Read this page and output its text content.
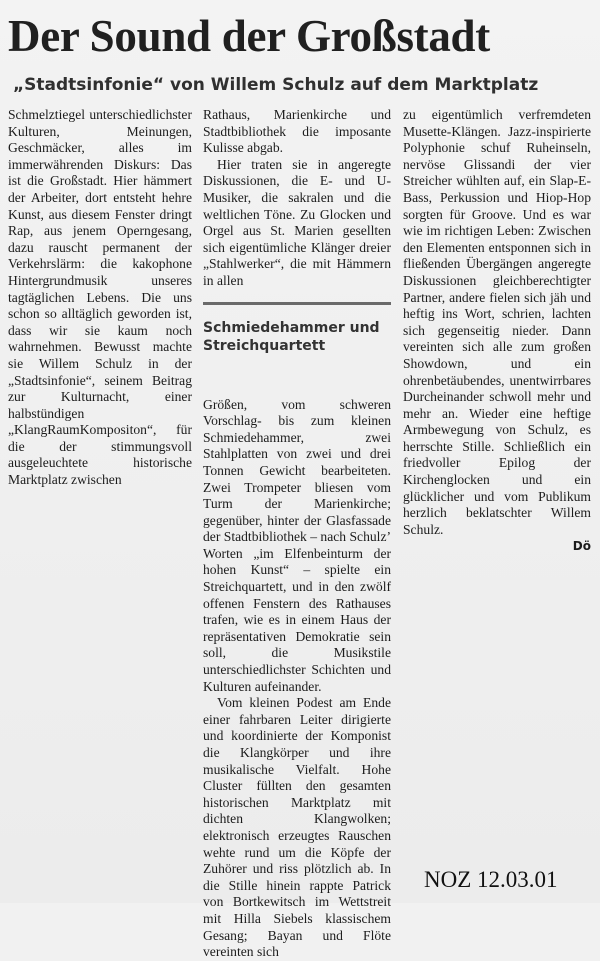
Der Sound der Großstadt
„Stadtsinfonie“ von Willem Schulz auf dem Marktplatz

Schmelztiegel unterschiedlichster Kulturen, Meinungen, Geschmäcker, alles im immerwährenden Diskurs: Das ist die Großstadt. Hier hämmert der Arbeiter, dort entsteht hehre Kunst, aus diesem Fenster dringt Rap, aus jenem Operngesang, dazu rauscht permanent der Verkehrslärm: die kakophone Hintergrundmusik unseres tagtäglichen Lebens. Die uns schon so alltäglich geworden ist, dass wir sie kaum noch wahrnehmen. Bewusst machte sie Willem Schulz in der „Stadtsinfonie“, seinem Beitrag zur Kulturnacht, einer halbstündigen „KlangRaumKompositon“, für die der stimmungsvoll ausgeleuchtete historische Marktplatz zwischen

Rathaus, Marienkirche und Stadtbibliothek die imposante Kulisse abgab.

Hier traten sie in angeregte Diskussionen, die E- und U-Musiker, die sakralen und die weltlichen Töne. Zu Glocken und Orgel aus St. Marien gesellten sich eigentümliche Klänger dreier „Stahlwerker“, die mit Hämmern in allen

Schmiedehammer und Streichquartett

Größen, vom schweren Vorschlag- bis zum kleinen Schmiedehammer, zwei Stahlplatten von zwei und drei Tonnen Gewicht bearbeiteten. Zwei Trompeter bliesen vom Turm der Marienkirche; gegenüber, hinter der Glasfassade der Stadtbibliothek – nach Schulz’ Worten „im Elfenbeinturm der hohen Kunst“ – spielte ein Streichquartett, und in den zwölf offenen Fenstern des Rathauses trafen, wie es in einem Haus der repräsentativen Demokratie sein soll, die Musikstile unterschiedlichster Schichten und Kulturen aufeinander.

Vom kleinen Podest am Ende einer fahrbaren Leiter dirigierte und koordinierte der Komponist die Klangkörper und ihre musikalische Vielfalt. Hohe Cluster füllten den gesamten historischen Marktplatz mit dichten Klangwolken; elektronisch erzeugtes Rauschen wehte rund um die Köpfe der Zuhörer und riss plötzlich ab. In die Stille hinein rappte Patrick von Bortkewitsch im Wettstreit mit Hilla Siebels klassischem Gesang; Bayan und Flöte vereinten sich

zu eigentümlich verfremdeten Musette-Klängen. Jazz-inspirierte Polyphonie schuf Ruheinseln, nervöse Glissandi der vier Streicher wühlten auf, ein Slap-E-Bass, Perkussion und Hiop-Hop sorgten für Groove. Und es war wie im richtigen Leben: Zwischen den Elementen entsponnen sich in fließenden Übergängen angeregte Diskussionen gleichberechtigter Partner, andere fielen sich jäh und heftig ins Wort, schrien, lachten sich gegenseitig nieder. Dann vereinten sich alle zum großen Showdown, und ein ohrenbetäubendes, unentwirrbares Durcheinander schwoll mehr und mehr an. Wieder eine heftige Armbewegung von Schulz, es herrschte Stille. Schließlich ein friedvoller Epilog der Kirchenglocken und ein glücklicher und vom Publikum herzlich beklatschter Willem Schulz.

Dö
NOZ 12.03.01
